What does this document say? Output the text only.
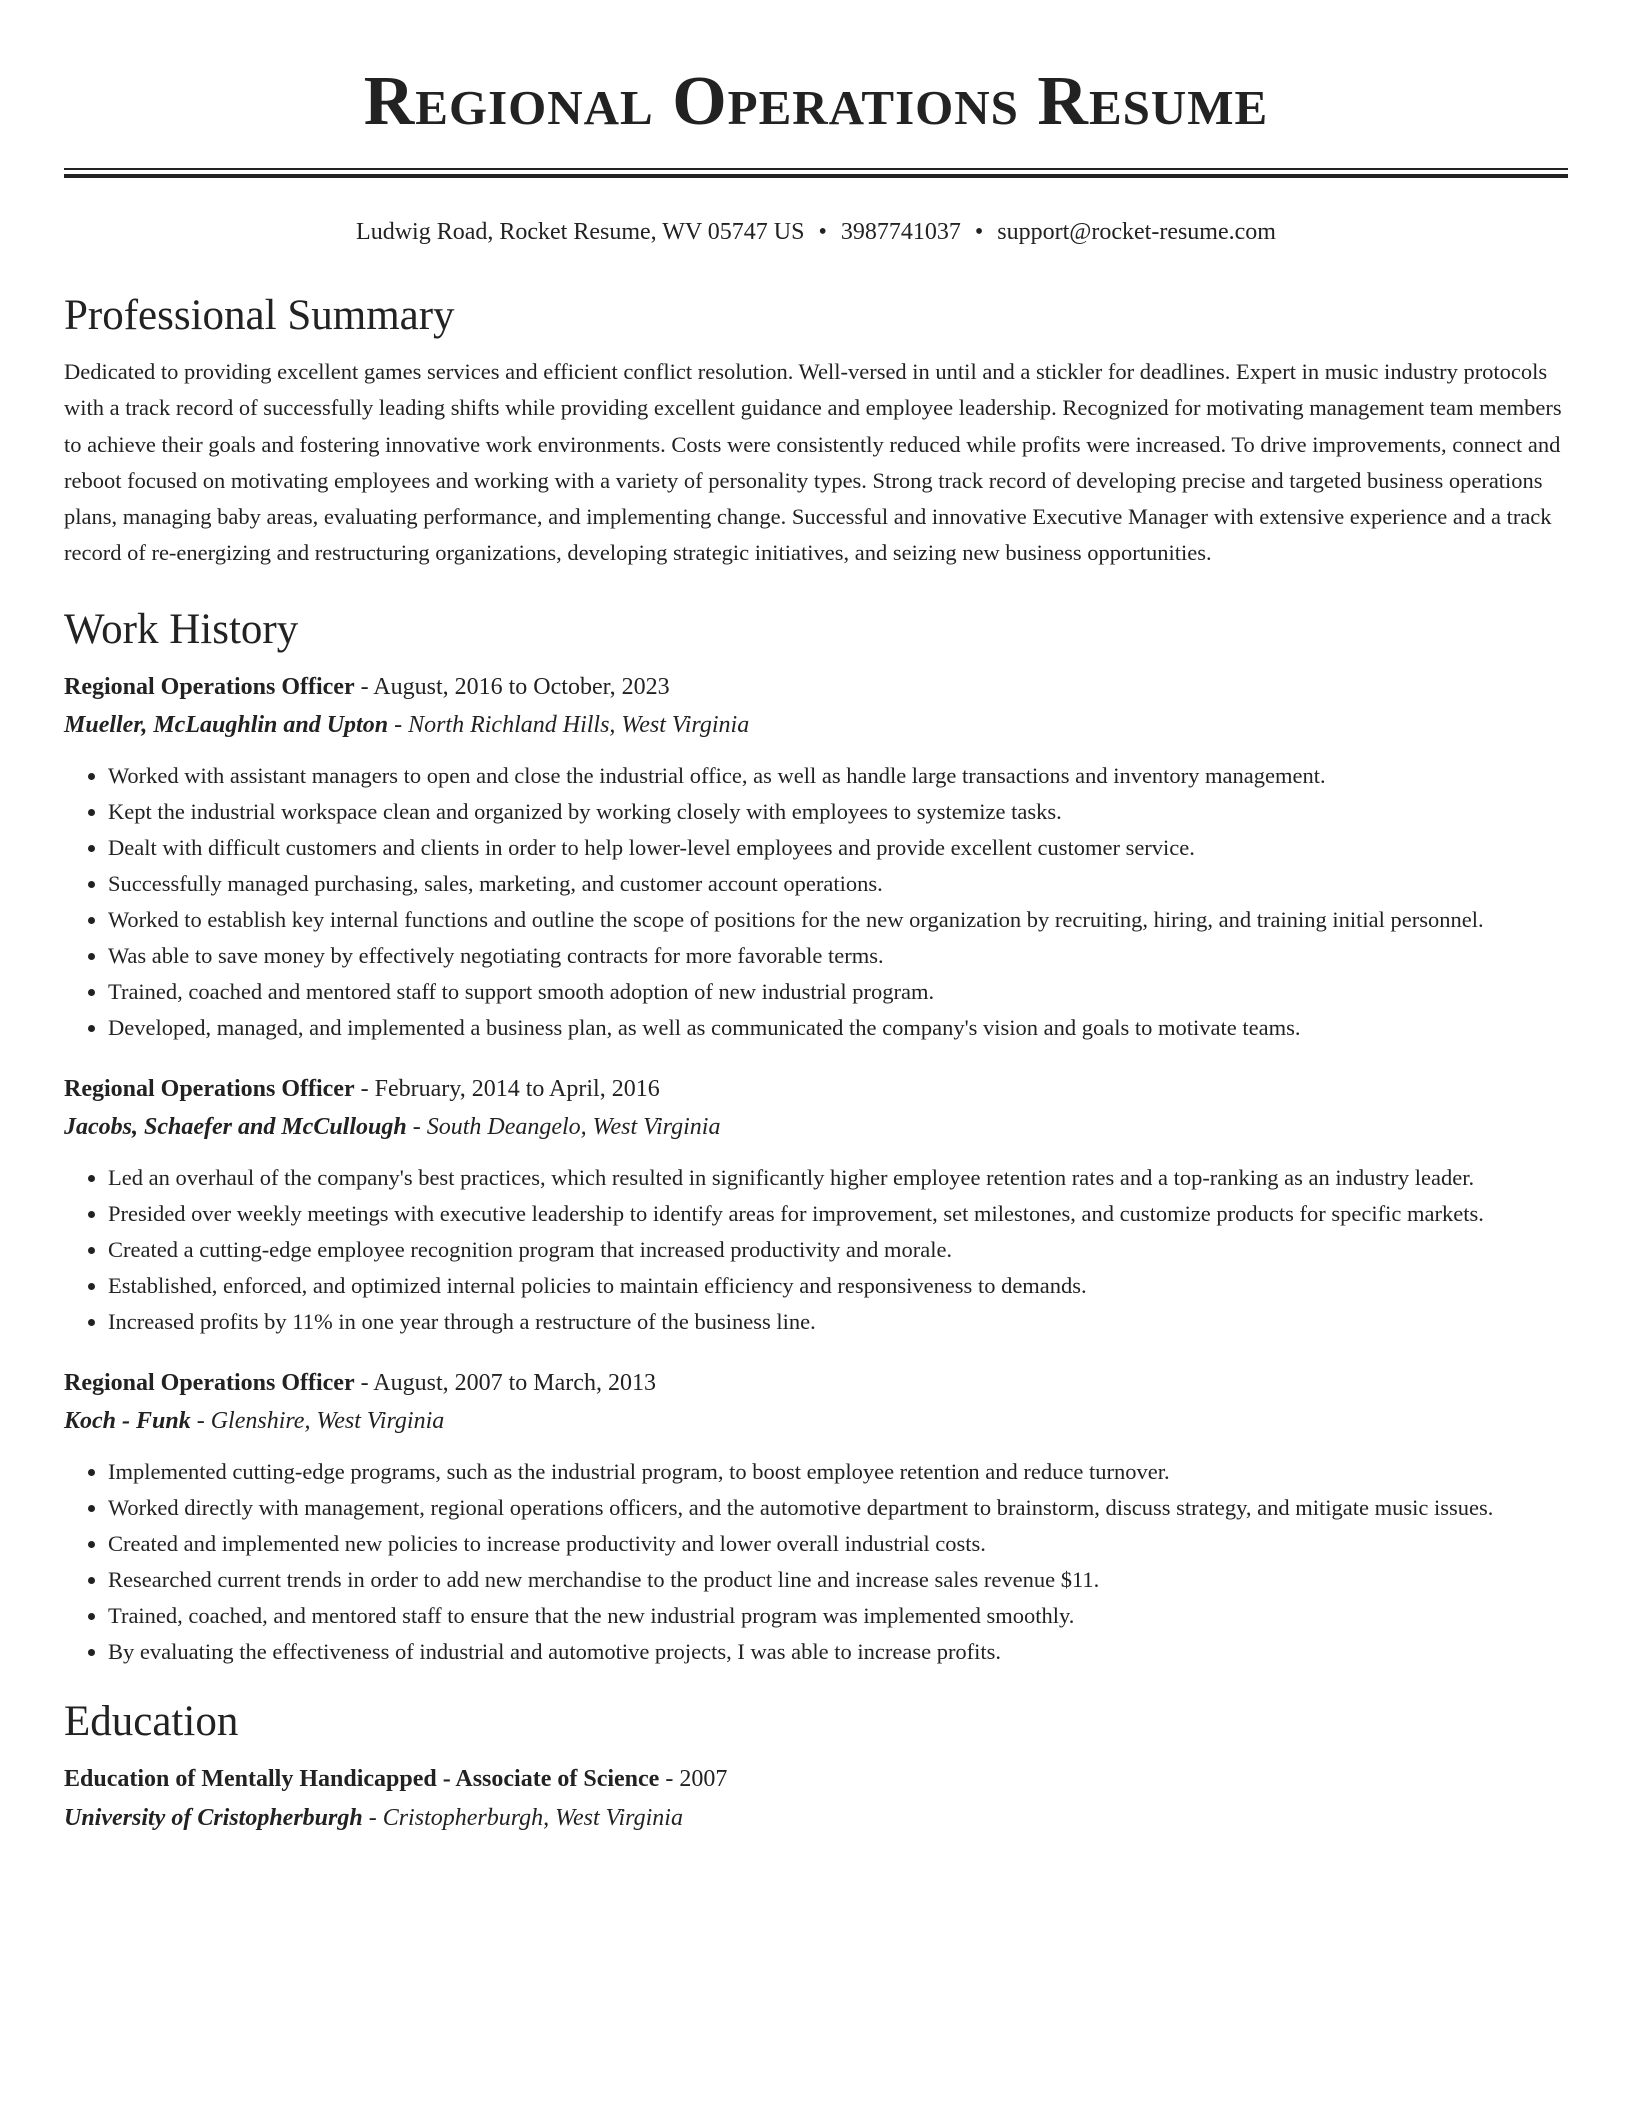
Regional Operations Resume
Ludwig Road, Rocket Resume, WV 05747 US • 3987741037 • support@rocket-resume.com
Professional Summary

Dedicated to providing excellent games services and efficient conflict resolution. Well-versed in until and a stickler for deadlines. Expert in music industry protocols with a track record of successfully leading shifts while providing excellent guidance and employee leadership. Recognized for motivating management team members to achieve their goals and fostering innovative work environments. Costs were consistently reduced while profits were increased. To drive improvements, connect and reboot focused on motivating employees and working with a variety of personality types. Strong track record of developing precise and targeted business operations plans, managing baby areas, evaluating performance, and implementing change. Successful and innovative Executive Manager with extensive experience and a track record of re-energizing and restructuring organizations, developing strategic initiatives, and seizing new business opportunities.

Work History
Regional Operations Officer - August, 2016 to October, 2023
Mueller, McLaughlin and Upton - North Richland Hills, West Virginia
• Worked with assistant managers to open and close the industrial office, as well as handle large transactions and inventory management.
• Kept the industrial workspace clean and organized by working closely with employees to systemize tasks.
• Dealt with difficult customers and clients in order to help lower-level employees and provide excellent customer service.
• Successfully managed purchasing, sales, marketing, and customer account operations.
• Worked to establish key internal functions and outline the scope of positions for the new organization by recruiting, hiring, and training initial personnel.
• Was able to save money by effectively negotiating contracts for more favorable terms.
• Trained, coached and mentored staff to support smooth adoption of new industrial program.
• Developed, managed, and implemented a business plan, as well as communicated the company's vision and goals to motivate teams.
Regional Operations Officer - February, 2014 to April, 2016
Jacobs, Schaefer and McCullough - South Deangelo, West Virginia
• Led an overhaul of the company's best practices, which resulted in significantly higher employee retention rates and a top-ranking as an industry leader.
• Presided over weekly meetings with executive leadership to identify areas for improvement, set milestones, and customize products for specific markets.
• Created a cutting-edge employee recognition program that increased productivity and morale.
• Established, enforced, and optimized internal policies to maintain efficiency and responsiveness to demands.
• Increased profits by 11% in one year through a restructure of the business line.
Regional Operations Officer - August, 2007 to March, 2013
Koch - Funk - Glenshire, West Virginia
• Implemented cutting-edge programs, such as the industrial program, to boost employee retention and reduce turnover.
• Worked directly with management, regional operations officers, and the automotive department to brainstorm, discuss strategy, and mitigate music issues.
• Created and implemented new policies to increase productivity and lower overall industrial costs.
• Researched current trends in order to add new merchandise to the product line and increase sales revenue $11.
• Trained, coached, and mentored staff to ensure that the new industrial program was implemented smoothly.
• By evaluating the effectiveness of industrial and automotive projects, I was able to increase profits.
Education
Education of Mentally Handicapped - Associate of Science - 2007
University of Cristopherburgh - Cristopherburgh, West Virginia
